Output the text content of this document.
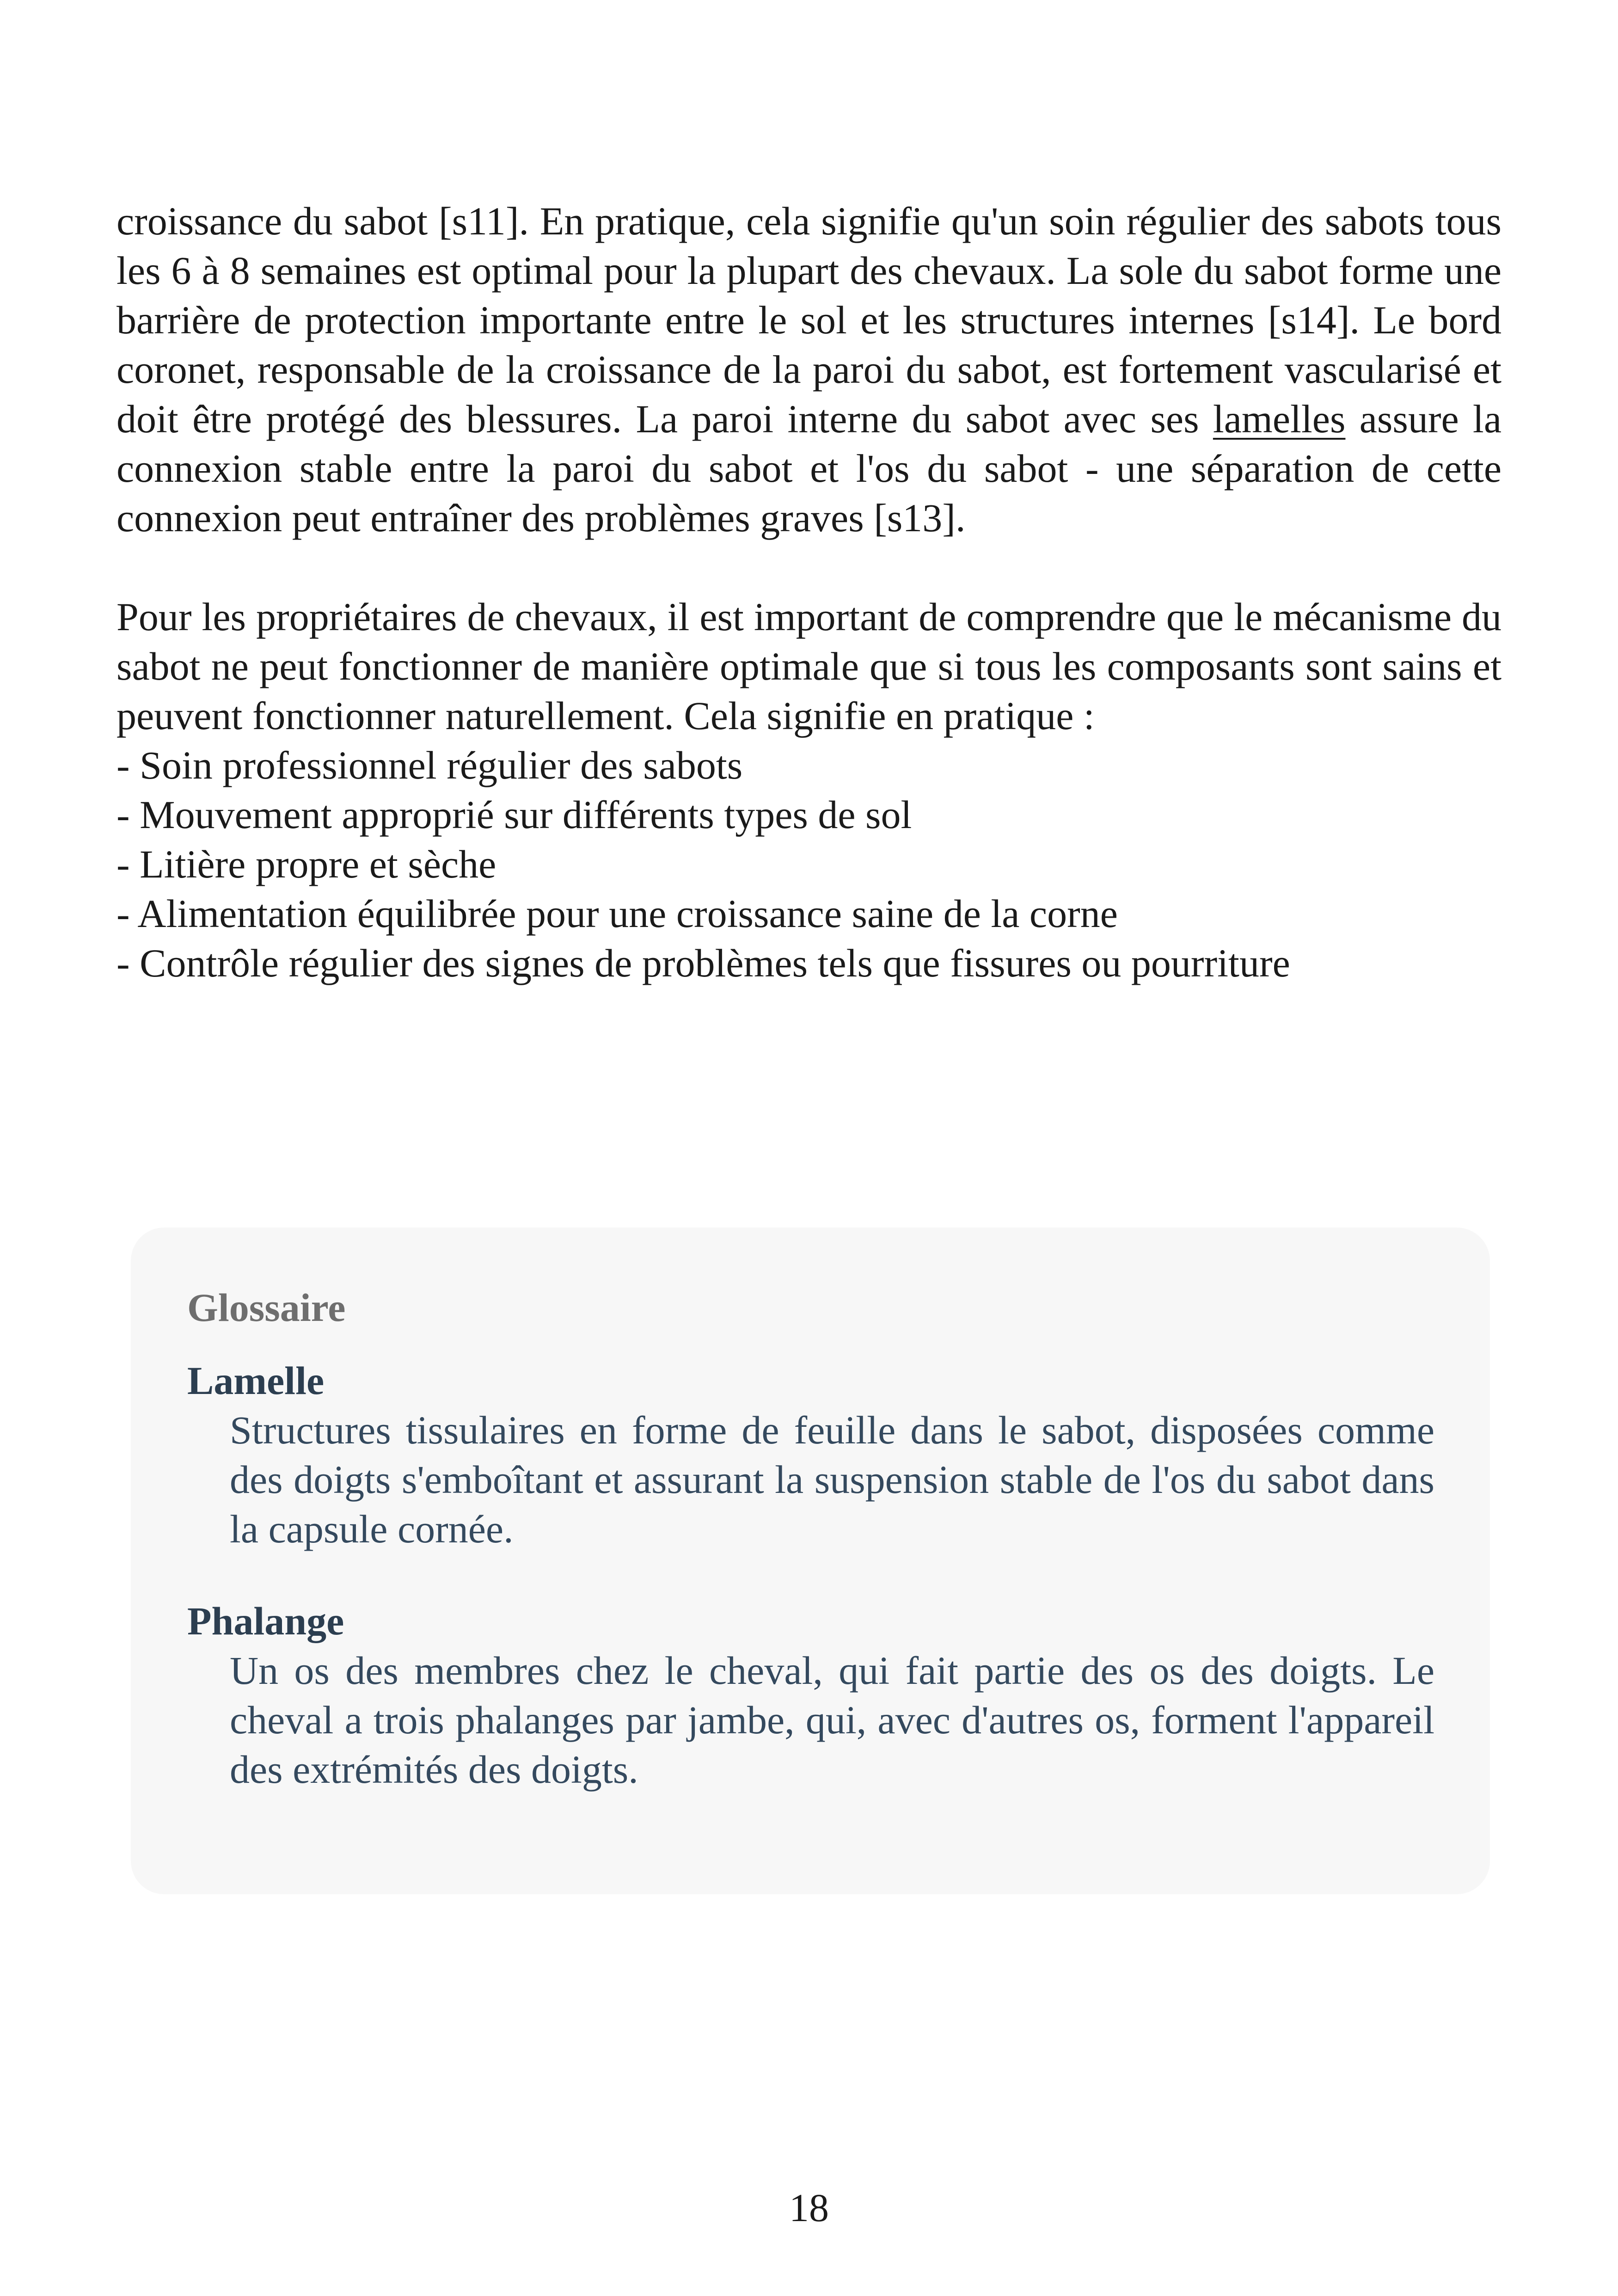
croissance du sabot [s11]. En pratique, cela signifie qu'un soin régulier des sabots tous les 6 à 8 semaines est optimal pour la plupart des chevaux. La sole du sabot forme une barrière de protection importante entre le sol et les structures internes [s14]. Le bord coronet, responsable de la croissance de la paroi du sabot, est fortement vascularisé et doit être protégé des blessures. La paroi interne du sabot avec ses lamelles assure la connexion stable entre la paroi du sabot et l'os du sabot - une séparation de cette connexion peut entraîner des problèmes graves [s13].

Pour les propriétaires de chevaux, il est important de comprendre que le mécanisme du sabot ne peut fonctionner de manière optimale que si tous les composants sont sains et peuvent fonctionner naturellement. Cela signifie en pratique :

- Soin professionnel régulier des sabots
- Mouvement approprié sur différents types de sol
- Litière propre et sèche
- Alimentation équilibrée pour une croissance saine de la corne
- Contrôle régulier des signes de problèmes tels que fissures ou pourriture

Glossaire

Lamelle

Structures tissulaires en forme de feuille dans le sabot, disposées comme des doigts s'emboîtant et assurant la suspension stable de l'os du sabot dans la capsule cornée.

Phalange

Un os des membres chez le cheval, qui fait partie des os des doigts. Le cheval a trois phalanges par jambe, qui, avec d'autres os, forment l'appareil des extrémités des doigts.

18
